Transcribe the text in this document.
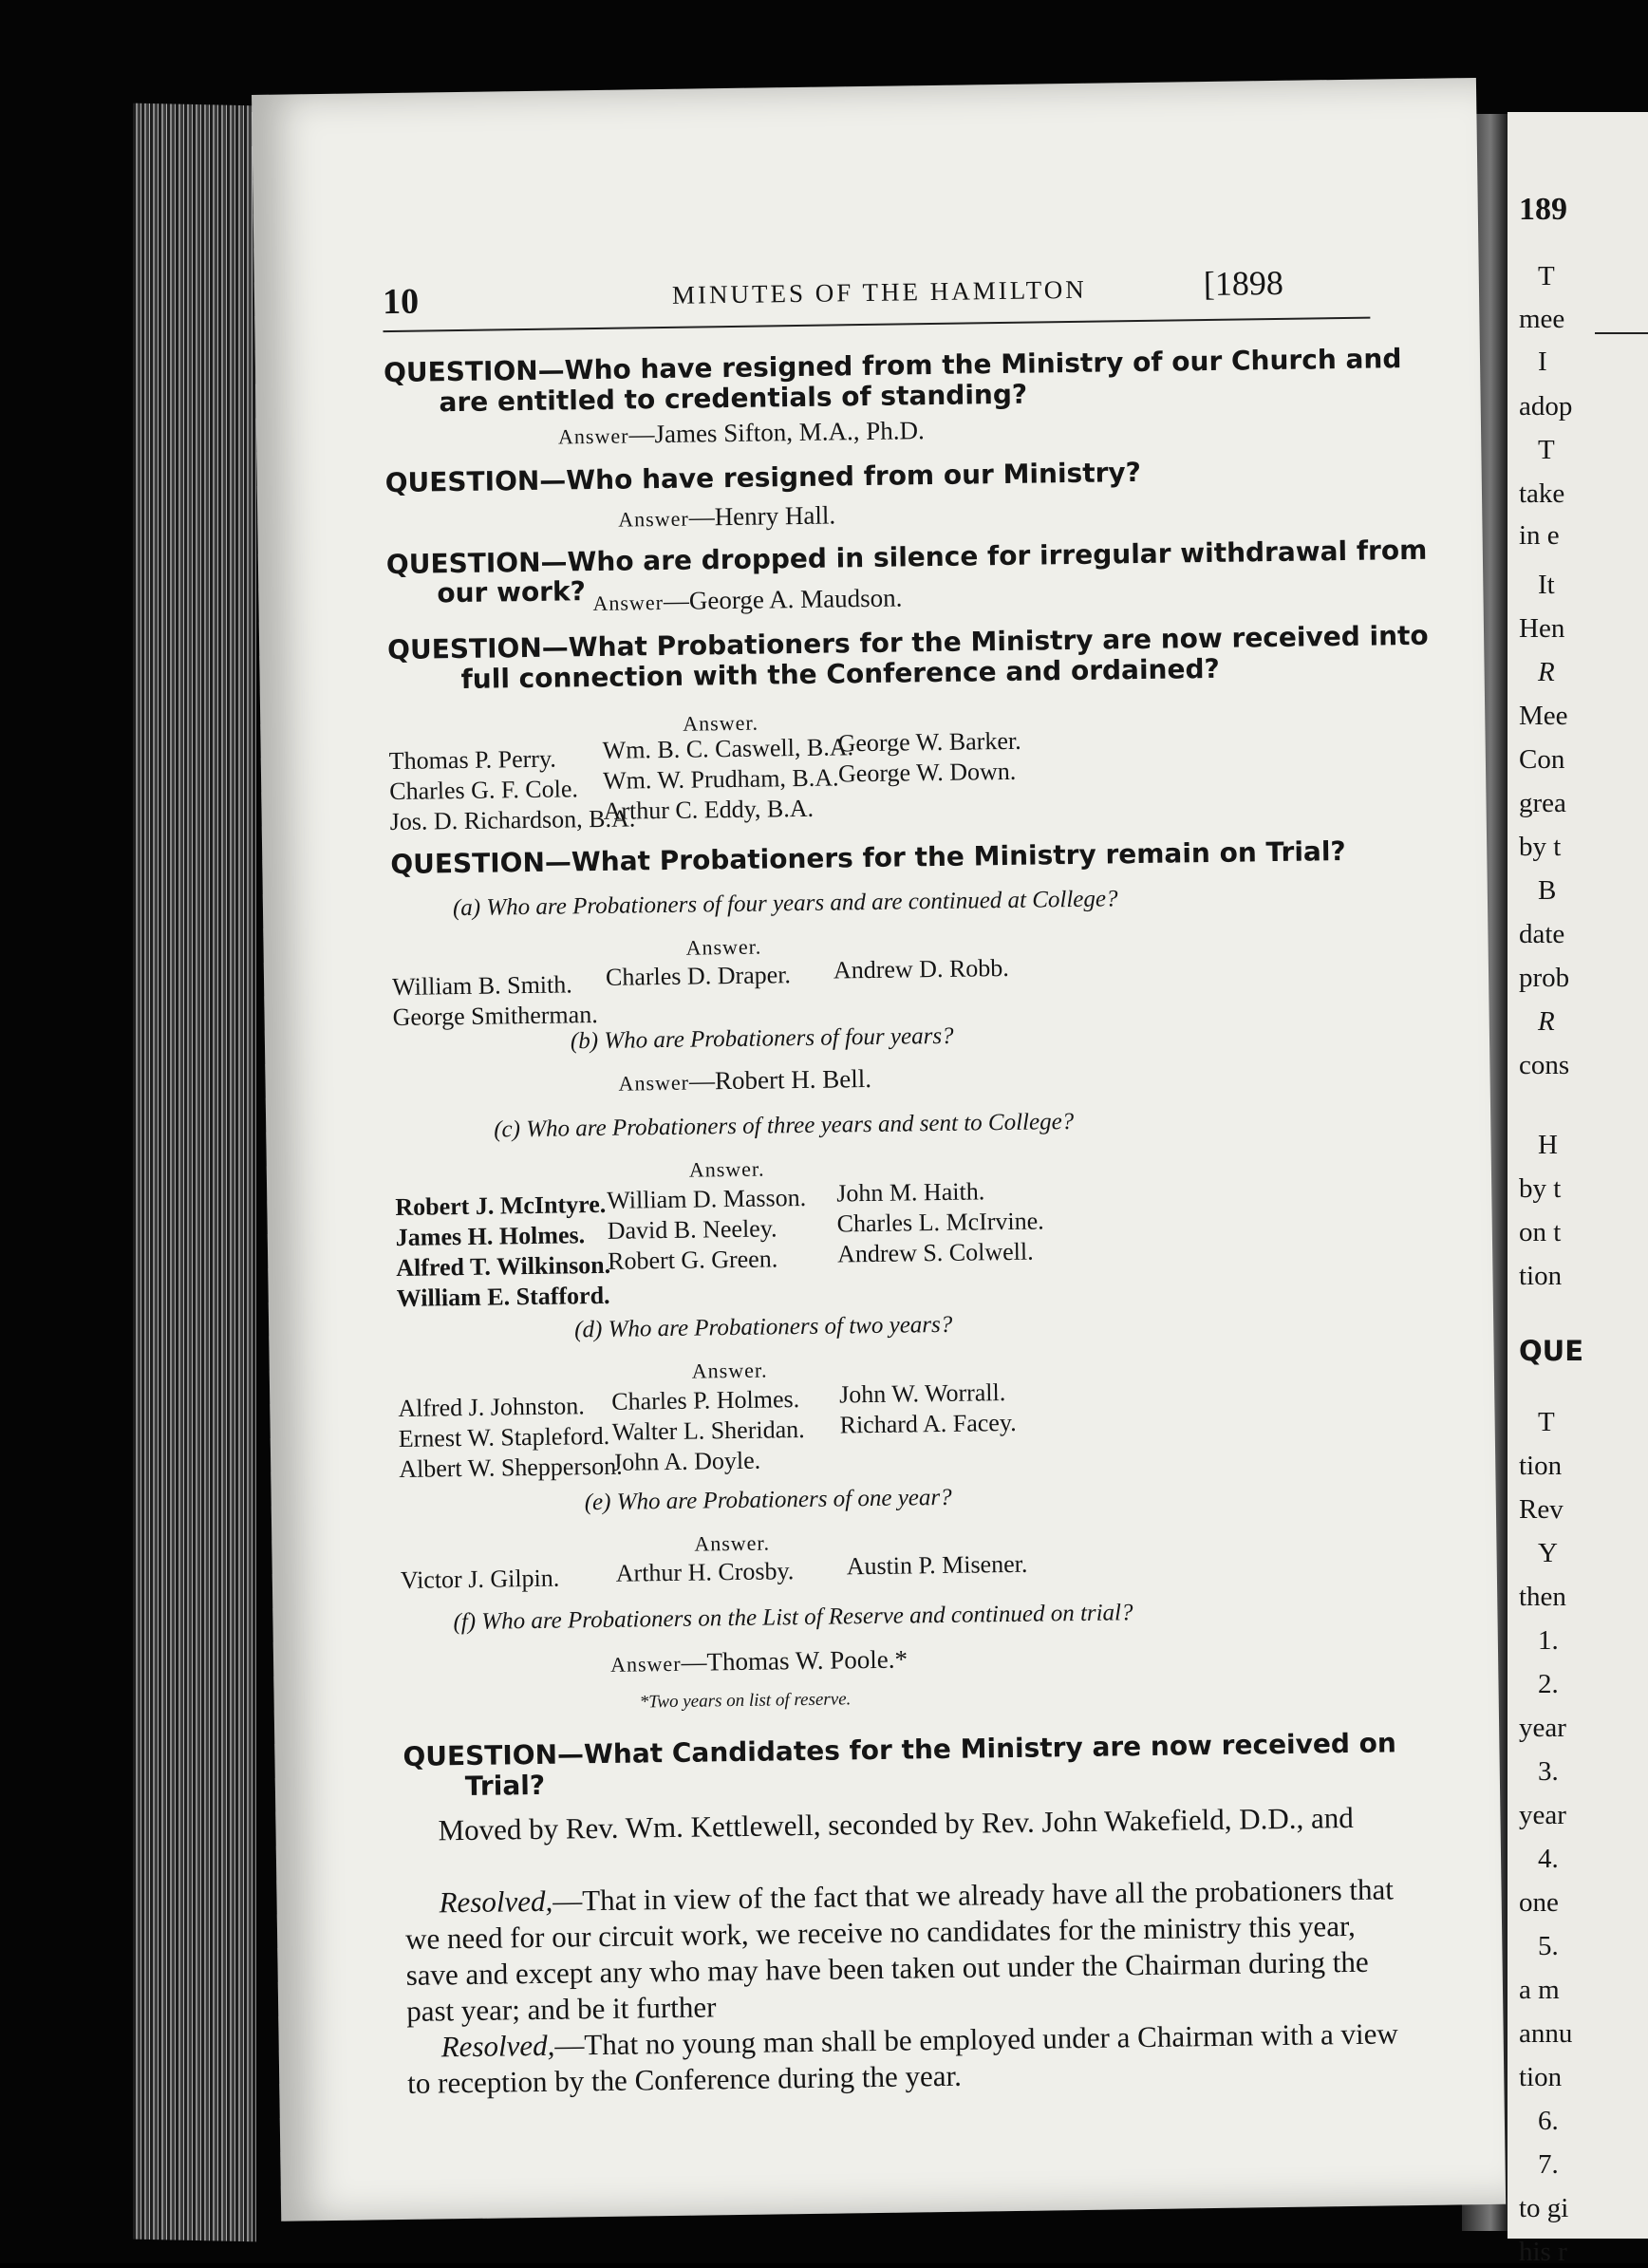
189
T
mee
I
adop
T
take
in e
It
Hen
R
Mee
Con
grea
by t
B
date
prob
R
cons
H
by t
on t
tion
QUE
T
tion
Rev
Y
then
1.
2.
year
3.
year
4.
one
5.
a m
annu
tion
6.
7.
to gi
his r
10	MINUTES OF THE HAMILTON	[1898
QUESTION—Who have resigned from the Ministry of our Church and
are entitled to credentials of standing?
Answer—James Sifton, M.A., Ph.D.
QUESTION—Who have resigned from our Ministry?
Answer—Henry Hall.
QUESTION—Who are dropped in silence for irregular withdrawal from
our work? Answer—George A. Maudson.
QUESTION—What Probationers for the Ministry are now received into
full connection with the Conference and ordained?
Answer.
Thomas P. Perry.
Charles G. F. Cole.
Jos. D. Richardson, B.A.
Wm. B. C. Caswell, B.A.
Wm. W. Prudham, B.A.
Arthur C. Eddy, B.A.
George W. Barker.
George W. Down.
QUESTION—What Probationers for the Ministry remain on Trial?
(a) Who are Probationers of four years and are continued at College?
Answer.
William B. Smith.
George Smitherman.
Charles D. Draper. Andrew D. Robb.
(b) Who are Probationers of four years?
Answer—Robert H. Bell.
(c) Who are Probationers of three years and sent to College?
Answer.
Robert J. McIntyre.
James H. Holmes.
Alfred T. Wilkinson.
William E. Stafford.
William D. Masson.
David B. Neeley.
Robert G. Green.
John M. Haith.
Charles L. McIrvine.
Andrew S. Colwell.
(d) Who are Probationers of two years?
Answer.
Alfred J. Johnston.
Ernest W. Stapleford.
Albert W. Shepperson.
Charles P. Holmes.
Walter L. Sheridan.
John A. Doyle.
John W. Worrall.
Richard A. Facey.
(e) Who are Probationers of one year?
Answer.
Victor J. Gilpin. Arthur H. Crosby. Austin P. Misener.
(f) Who are Probationers on the List of Reserve and continued on trial?
Answer—Thomas W. Poole.*
*Two years on list of reserve.
QUESTION—What Candidates for the Ministry are now received on
Trial?
Moved by Rev. Wm. Kettlewell, seconded by Rev. John Wakefield, D.D., and
Resolved,—That in view of the fact that we already have all the probationers that we need for our circuit work, we receive no candidates for the ministry this year, save and except any who may have been taken out under the Chairman during the past year; and be it further
Resolved,—That no young man shall be employed under a Chairman with a view to reception by the Conference during the year.
